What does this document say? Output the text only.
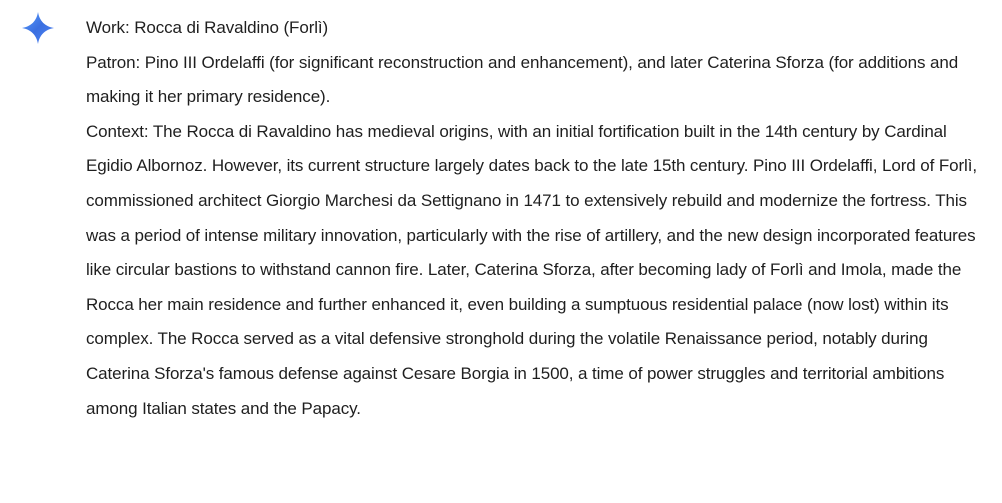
Work: Rocca di Ravaldino (Forlì)

Patron: Pino III Ordelaffi (for significant reconstruction and enhancement), and later Caterina Sforza (for additions and making it her primary residence).

Context: The Rocca di Ravaldino has medieval origins, with an initial fortification built in the 14th century by Cardinal Egidio Albornoz. However, its current structure largely dates back to the late 15th century. Pino III Ordelaffi, Lord of Forlì, commissioned architect Giorgio Marchesi da Settignano in 1471 to extensively rebuild and modernize the fortress. This was a period of intense military innovation, particularly with the rise of artillery, and the new design incorporated features like circular bastions to withstand cannon fire. Later, Caterina Sforza, after becoming lady of Forlì and Imola, made the Rocca her main residence and further enhanced it, even building a sumptuous residential palace (now lost) within its complex. The Rocca served as a vital defensive stronghold during the volatile Renaissance period, notably during Caterina Sforza's famous defense against Cesare Borgia in 1500, a time of power struggles and territorial ambitions among Italian states and the Papacy.
